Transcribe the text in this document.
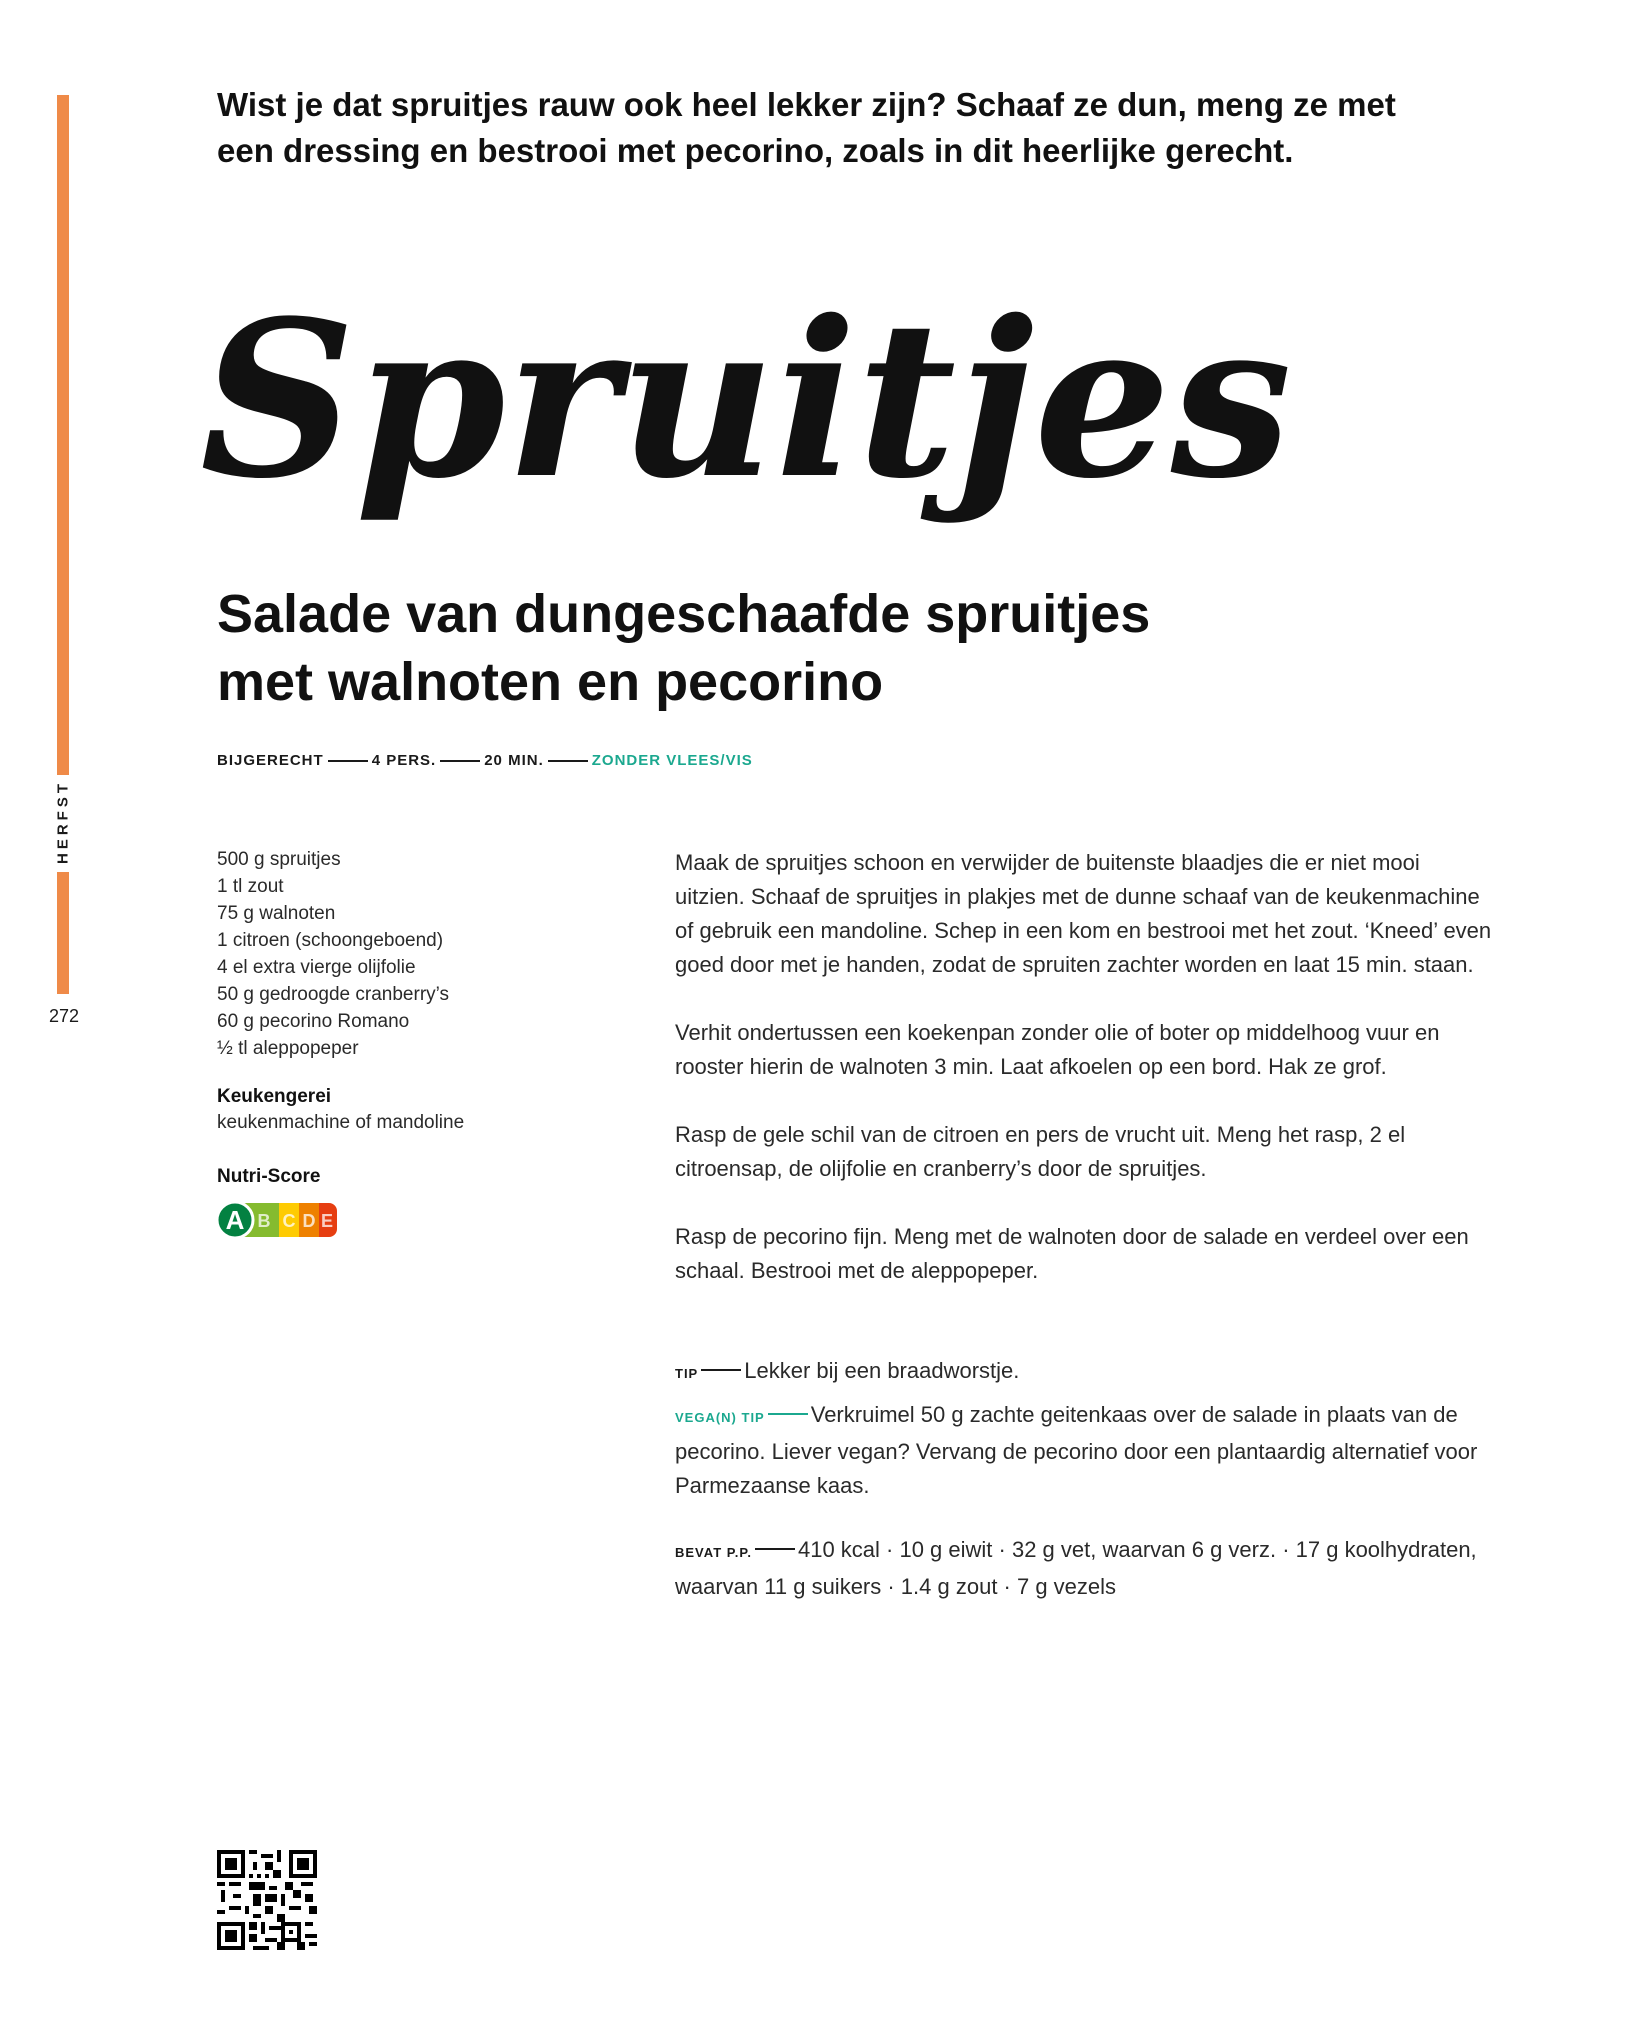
HERFST
272

Wist je dat spruitjes rauw ook heel lekker zijn? Schaaf ze dun, meng ze met een dressing en bestrooi met pecorino, zoals in dit heerlijke gerecht.

Spruitjes
Salade van dungeschaafde spruitjes
met walnoten en pecorino
BIJGERECHT	4 PERS.	20 MIN.	ZONDER VLEES/VIS
500 g spruitjes
1 tl zout
75 g walnoten
1 citroen (schoongeboend)
4 el extra vierge olijfolie
50 g gedroogde cranberry’s
60 g pecorino Romano
½ tl aleppopeper
Keukengerei
keukenmachine of mandoline
Nutri-Score
A B C D E

Maak de spruitjes schoon en verwijder de buitenste blaadjes die er niet mooi uitzien. Schaaf de spruitjes in plakjes met de dunne schaaf van de keukenmachine of gebruik een mandoline. Schep in een kom en bestrooi met het zout. ‘Kneed’ even goed door met je handen, zodat de spruiten zachter worden en laat 15 min. staan.

Verhit ondertussen een koekenpan zonder olie of boter op middelhoog vuur en rooster hierin de walnoten 3 min. Laat afkoelen op een bord. Hak ze grof.

Rasp de gele schil van de citroen en pers de vrucht uit. Meng het rasp, 2 el citroensap, de olijfolie en cranberry’s door de spruitjes.

Rasp de pecorino fijn. Meng met de walnoten door de salade en verdeel over een schaal. Bestrooi met de aleppopeper.

TIP Lekker bij een braadworstje.

VEGA(N) TIP Verkruimel 50 g zachte geitenkaas over de salade in plaats van de pecorino. Liever vegan? Vervang de pecorino door een plantaardig alternatief voor Parmezaanse kaas.

BEVAT P.P. 410 kcal · 10 g eiwit · 32 g vet, waarvan 6 g verz. · 17 g koolhydraten, waarvan 11 g suikers · 1.4 g zout · 7 g vezels
